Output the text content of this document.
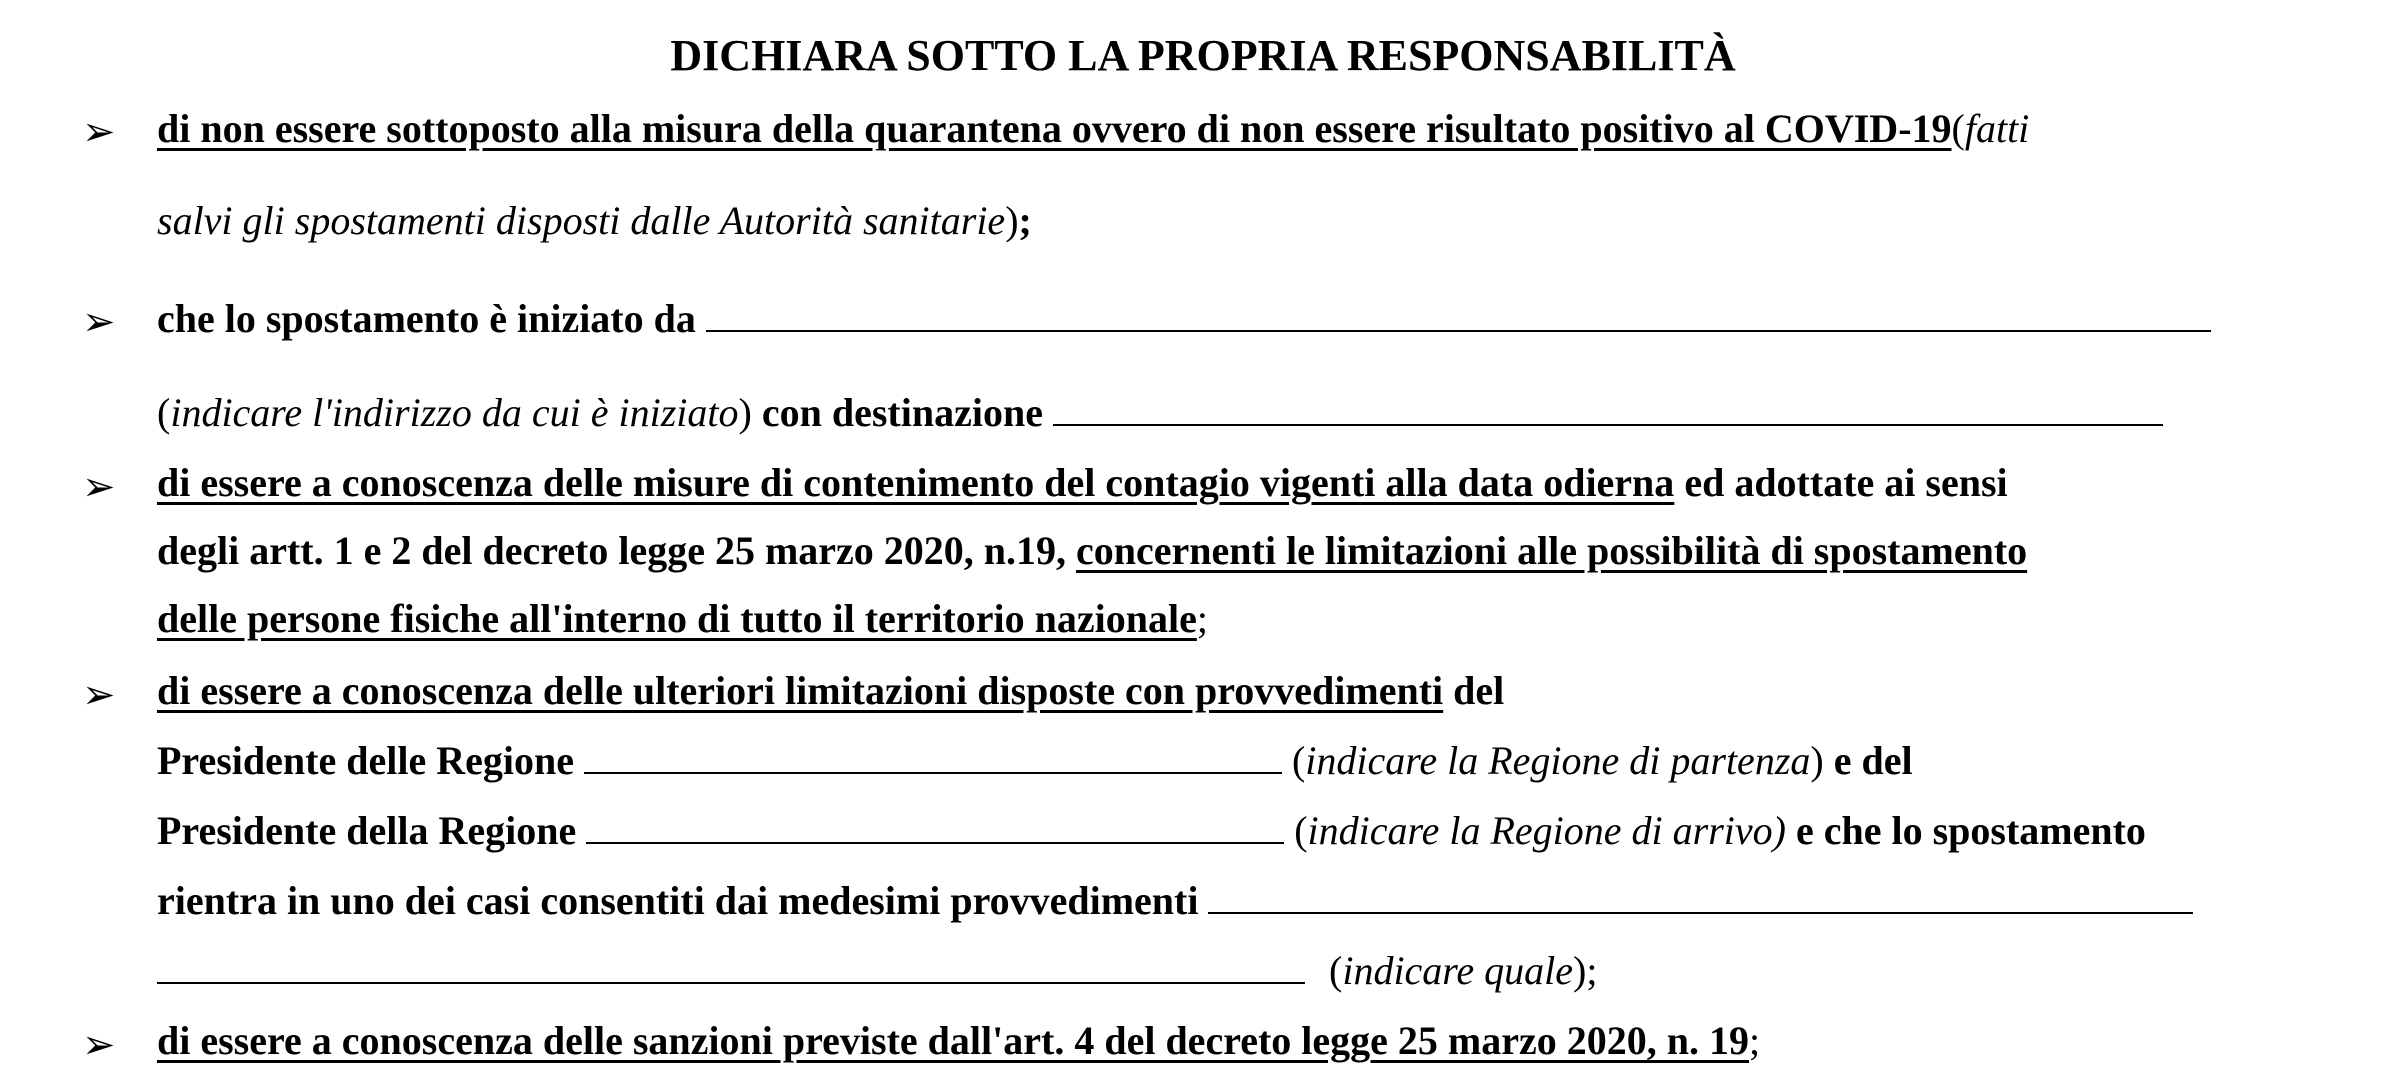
DICHIARA SOTTO LA PROPRIA RESPONSABILITÀ
➢ di non essere sottoposto alla misura della quarantena ovvero di non essere risultato positivo al COVID-19(fatti
salvi gli spostamenti disposti dalle Autorità sanitarie);
➢ che lo spostamento è iniziato da
(indicare l'indirizzo da cui è iniziato) con destinazione
➢ di essere a conoscenza delle misure di contenimento del contagio vigenti alla data odierna ed adottate ai sensi
degli artt. 1 e 2 del decreto legge 25 marzo 2020, n.19, concernenti le limitazioni alle possibilità di spostamento
delle persone fisiche all'interno di tutto il territorio nazionale;
➢ di essere a conoscenza delle ulteriori limitazioni disposte con provvedimenti del
Presidente delle Regione	(indicare la Regione di partenza) e del
Presidente della Regione	(indicare la Regione di arrivo) e che lo spostamento
rientra in uno dei casi consentiti dai medesimi provvedimenti
(indicare quale);
➢ di essere a conoscenza delle sanzioni previste dall'art. 4 del decreto legge 25 marzo 2020, n. 19;
